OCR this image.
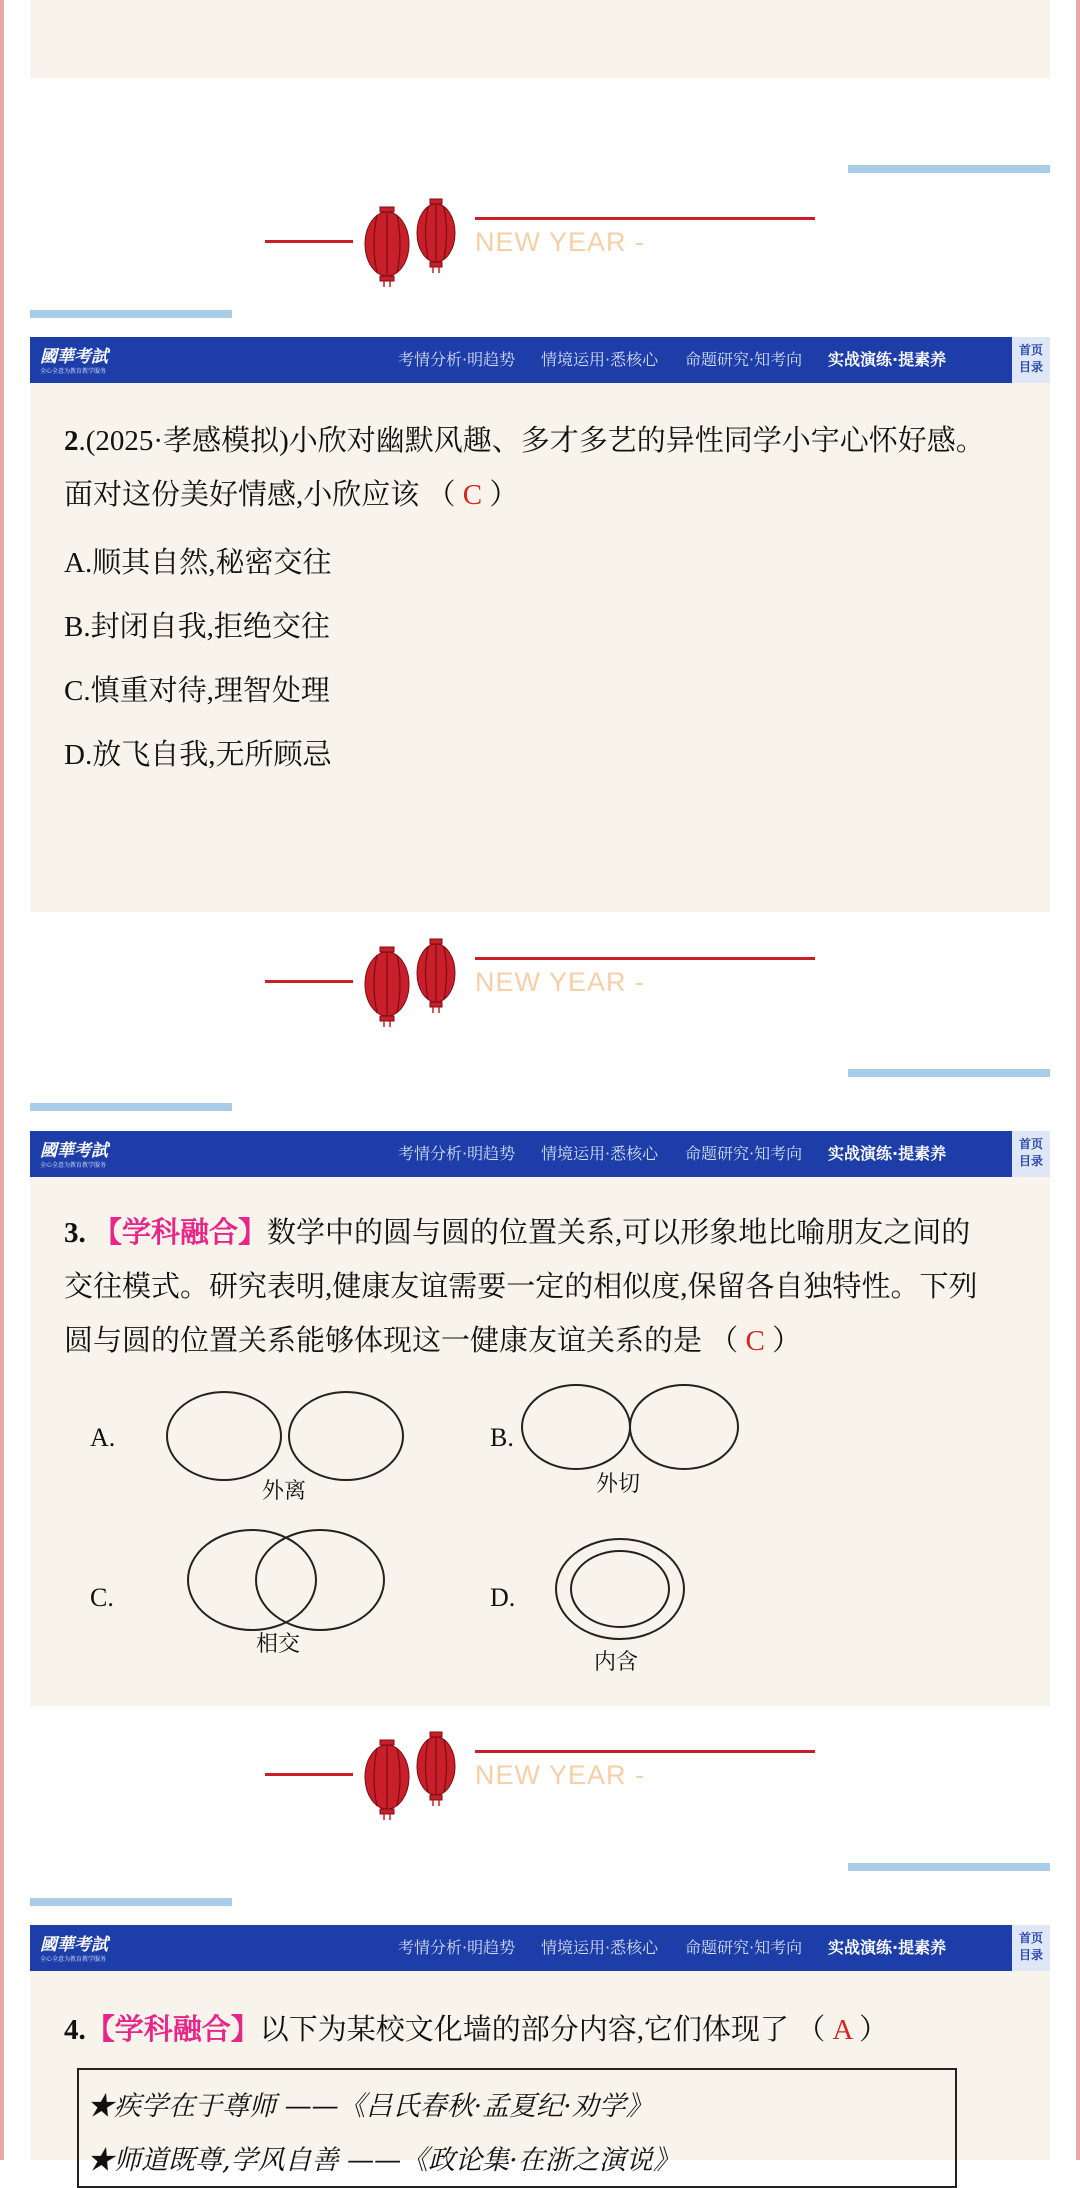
NEW YEAR -
國華考試
全心全意为教育教学服务
考情分析·明趋势 情境运用·悉核心 命题研究·知考向 实战演练·提素养	首页
目录
2.(2025·孝感模拟)小欣对幽默风趣、多才多艺的异性同学小宇心怀好感。
面对这份美好情感,小欣应该 （ C ）
A.顺其自然,秘密交往
B.封闭自我,拒绝交往
C.慎重对待,理智处理
D.放飞自我,无所顾忌
NEW YEAR -
國華考試
全心全意为教育教学服务
考情分析·明趋势 情境运用·悉核心 命题研究·知考向 实战演练·提素养	首页
目录
3. 【学科融合】数学中的圆与圆的位置关系,可以形象地比喻朋友之间的
交往模式。研究表明,健康友谊需要一定的相似度,保留各自独特性。下列
圆与圆的位置关系能够体现这一健康友谊关系的是 （ C ）
A.
外离
B.
外切
C.
相交
D.
内含
NEW YEAR -
國華考試
全心全意为教育教学服务
考情分析·明趋势 情境运用·悉核心 命题研究·知考向 实战演练·提素养	首页
目录
4.【学科融合】以下为某校文化墙的部分内容,它们体现了 （ A ）
★疾学在于尊师 ——《吕氏春秋·孟夏纪·劝学》
★师道既尊,学风自善 ——《政论集·在浙之演说》
